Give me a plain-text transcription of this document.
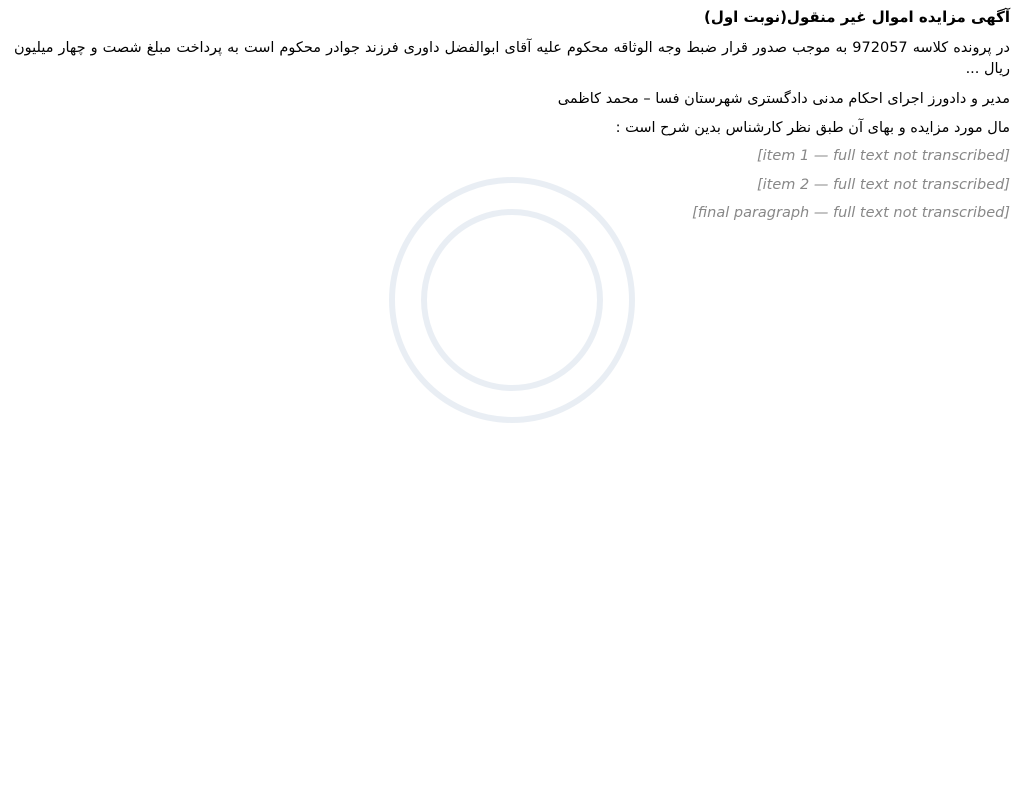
آگهی مزایده اموال غیر منقول(نوبت اول)

در پرونده کلاسه 972057 به موجب صدور قرار ضبط وجه الوثاقه محکوم علیه آقای ابوالفضل داوری فرزند جوادر محکوم است به پرداخت مبلغ شصت و چهار میلیون ریال ...

مدیر و دادورز اجرای احکام مدنی دادگستری شهرستان فسا – محمد کاظمی
مال مورد مزایده و بهای آن طبق نظر کارشناس بدین شرح است :

[item 1 — full text not transcribed]

[item 2 — full text not transcribed]

[final paragraph — full text not transcribed]
